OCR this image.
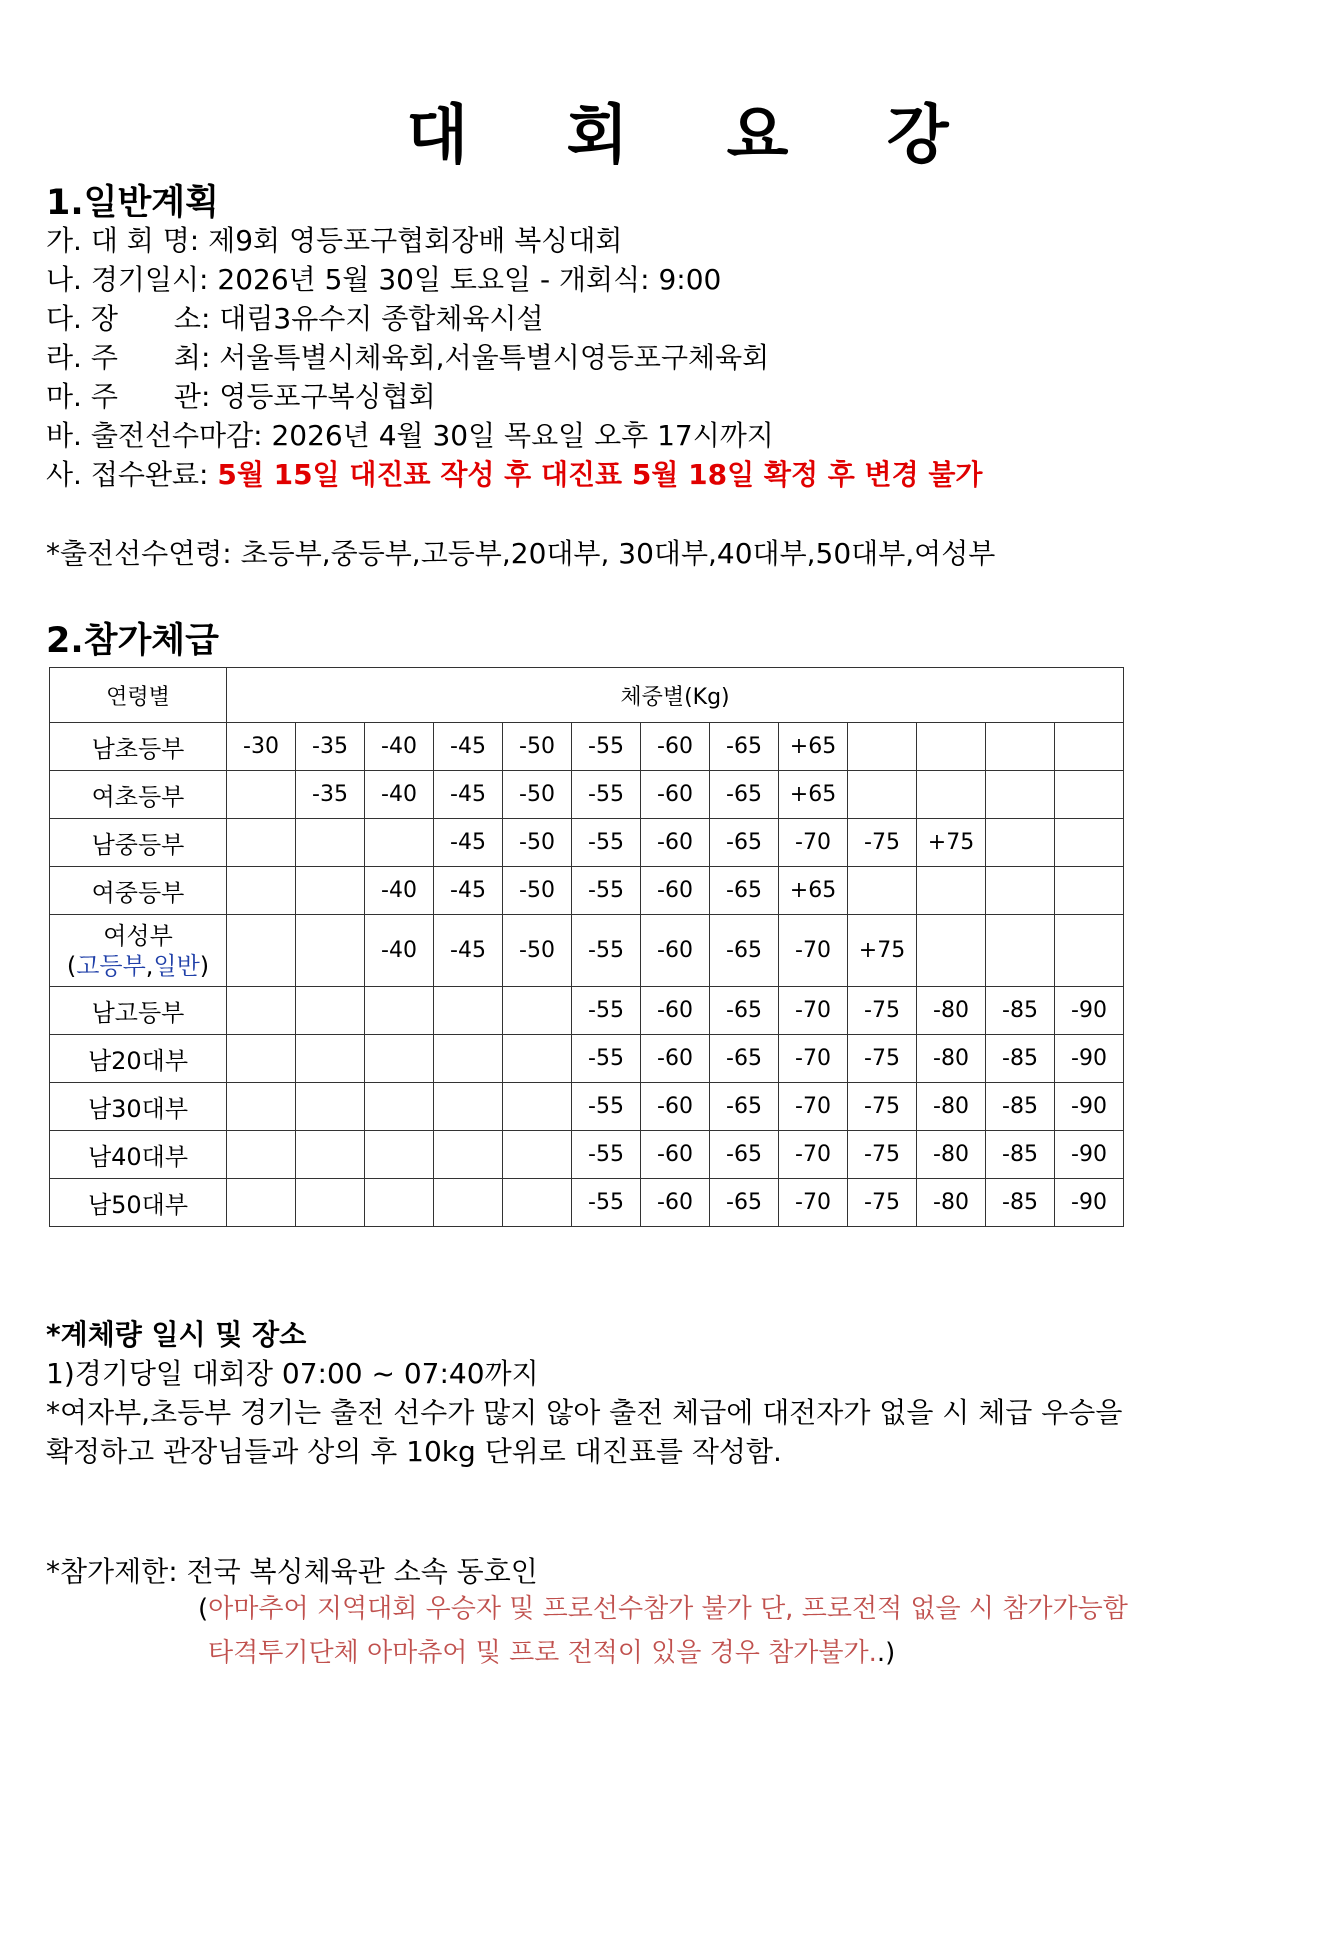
대 회 요 강
1.일반계획
가. 대 회 명: 제9회 영등포구협회장배 복싱대회
나. 경기일시: 2026년 5월 30일 토요일 - 개회식: 9:00
다. 장　　소: 대림3유수지 종합체육시설
라. 주　　최: 서울특별시체육회,서울특별시영등포구체육회
마. 주　　관: 영등포구복싱협회
바. 출전선수마감: 2026년 4월 30일 목요일 오후 17시까지
사. 접수완료: 5월 15일 대진표 작성 후 대진표 5월 18일 확정 후 변경 불가
*출전선수연령: 초등부,중등부,고등부,20대부, 30대부,40대부,50대부,여성부
2.참가체급
연령별	체중별(Kg)												
남초등부	-30	-35	-40	-45	-50	-55	-60	-65	+65				
여초등부		-35	-40	-45	-50	-55	-60	-65	+65				
남중등부				-45	-50	-55	-60	-65	-70	-75	+75		
여중등부			-40	-45	-50	-55	-60	-65	+65				

여성부
(고등부,일반)			-40	-45	-50	-55	-60	-65	-70	+75			
남고등부						-55	-60	-65	-70	-75	-80	-85	-90
남20대부						-55	-60	-65	-70	-75	-80	-85	-90
남30대부						-55	-60	-65	-70	-75	-80	-85	-90
남40대부						-55	-60	-65	-70	-75	-80	-85	-90
남50대부						-55	-60	-65	-70	-75	-80	-85	-90
*계체량 일시 및 장소
1)경기당일 대회장 07:00 ~ 07:40까지
*여자부,초등부 경기는 출전 선수가 많지 않아 출전 체급에 대전자가 없을 시 체급 우승을
확정하고 관장님들과 상의 후 10kg 단위로 대진표를 작성함.
*참가제한: 전국 복싱체육관 소속 동호인
(아마추어 지역대회 우승자 및 프로선수참가 불가 단, 프로전적 없을 시 참가가능함
타격투기단체 아마츄어 및 프로 전적이 있을 경우 참가불가..)
